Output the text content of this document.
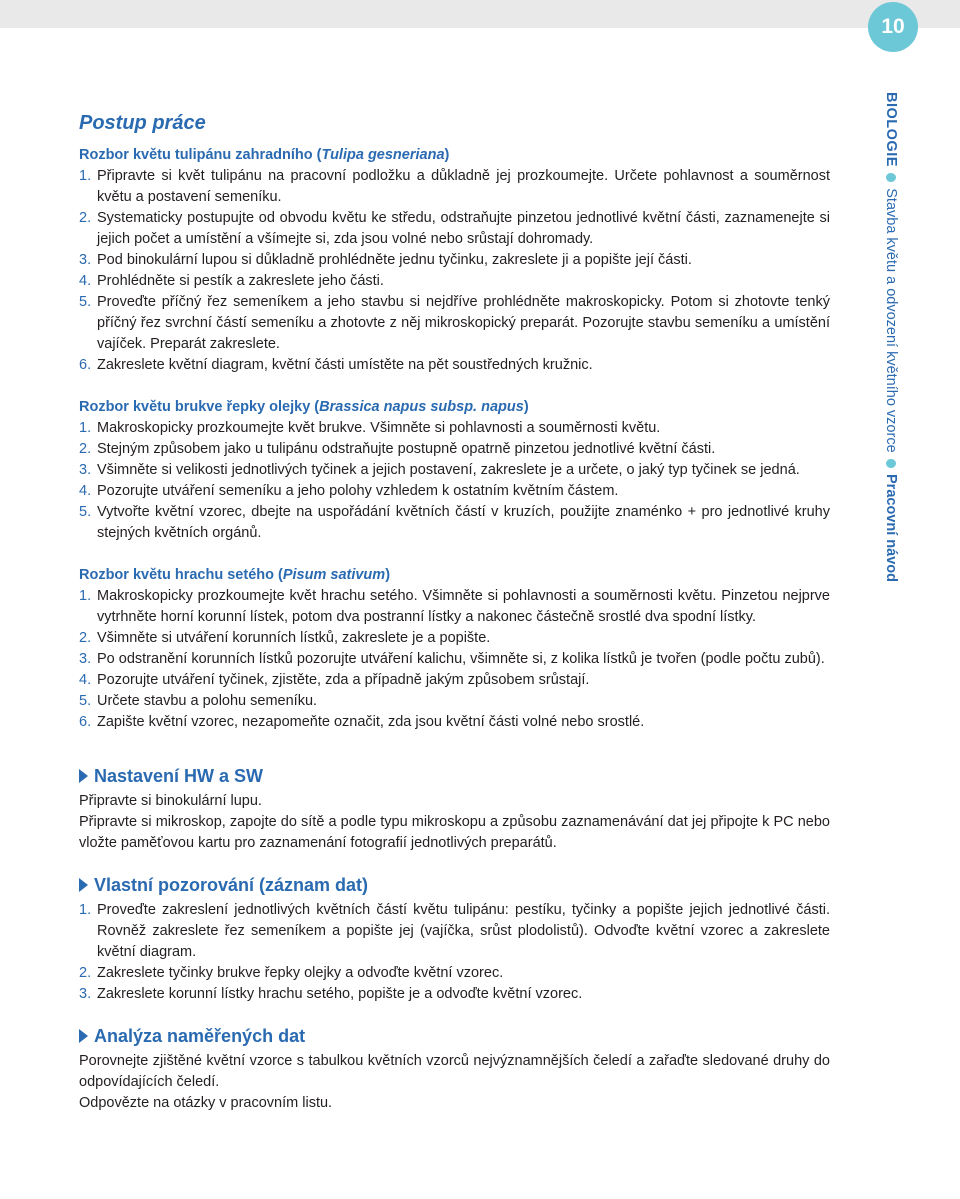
10
BIOLOGIE
Stavba květu a odvození květního vzorce
Pracovní návod
Postup práce
Rozbor květu tulipánu zahradního (Tulipa gesneriana)
1. Připravte si květ tulipánu na pracovní podložku a důkladně jej prozkoumejte. Určete pohlavnost a souměrnost květu a postavení semeníku.
2. Systematicky postupujte od obvodu květu ke středu, odstraňujte pinzetou jednotlivé květní části, zaznamenejte si jejich počet a umístění a všímejte si, zda jsou volné nebo srůstají dohromady.
3. Pod binokulární lupou si důkladně prohlédněte jednu tyčinku, zakreslete ji a popište její části.
4. Prohlédněte si pestík a zakreslete jeho části.
5. Proveďte příčný řez semeníkem a jeho stavbu si nejdříve prohlédněte makroskopicky. Potom si zhotovte tenký příčný řez svrchní částí semeníku a zhotovte z něj mikroskopický preparát. Pozorujte stavbu semeníku a umístění vajíček. Preparát zakreslete.
6. Zakreslete květní diagram, květní části umístěte na pět soustředných kružnic.
Rozbor květu brukve řepky olejky (Brassica napus subsp. napus)
1. Makroskopicky prozkoumejte květ brukve. Všimněte si pohlavnosti a souměrnosti květu.
2. Stejným způsobem jako u tulipánu odstraňujte postupně opatrně pinzetou jednotlivé květní části.
3. Všimněte si velikosti jednotlivých tyčinek a jejich postavení, zakreslete je a určete, o jaký typ tyčinek se jedná.
4. Pozorujte utváření semeníku a jeho polohy vzhledem k ostatním květním částem.
5. Vytvořte květní vzorec, dbejte na uspořádání květních částí v kruzích, použijte znaménko + pro jednotlivé kruhy stejných květních orgánů.
Rozbor květu hrachu setého (Pisum sativum)
1. Makroskopicky prozkoumejte květ hrachu setého. Všimněte si pohlavnosti a souměrnosti květu. Pinzetou nejprve vytrhněte horní korunní lístek, potom dva postranní lístky a nakonec částečně srostlé dva spodní lístky.
2. Všimněte si utváření korunních lístků, zakreslete je a popište.
3. Po odstranění korunních lístků pozorujte utváření kalichu, všimněte si, z kolika lístků je tvořen (podle počtu zubů).
4. Pozorujte utváření tyčinek, zjistěte, zda a případně jakým způsobem srůstají.
5. Určete stavbu a polohu semeníku.
6. Zapište květní vzorec, nezapomeňte označit, zda jsou květní části volné nebo srostlé.
Nastavení HW a SW

Připravte si binokulární lupu.

Připravte si mikroskop, zapojte do sítě a podle typu mikroskopu a způsobu zaznamenávání dat jej připojte k PC nebo vložte paměťovou kartu pro zaznamenání fotografií jednotlivých preparátů.

Vlastní pozorování (záznam dat)
1. Proveďte zakreslení jednotlivých květních částí květu tulipánu: pestíku, tyčinky a popište jejich jednotlivé části. Rovněž zakreslete řez semeníkem a popište jej (vajíčka, srůst plodolistů). Odvoďte květní vzorec a zakreslete květní diagram.
2. Zakreslete tyčinky brukve řepky olejky a odvoďte květní vzorec.
3. Zakreslete korunní lístky hrachu setého, popište je a odvoďte květní vzorec.
Analýza naměřených dat

Porovnejte zjištěné květní vzorce s tabulkou květních vzorců nejvýznamnějších čeledí a zařaďte sledované druhy do odpovídajících čeledí.

Odpovězte na otázky v pracovním listu.
